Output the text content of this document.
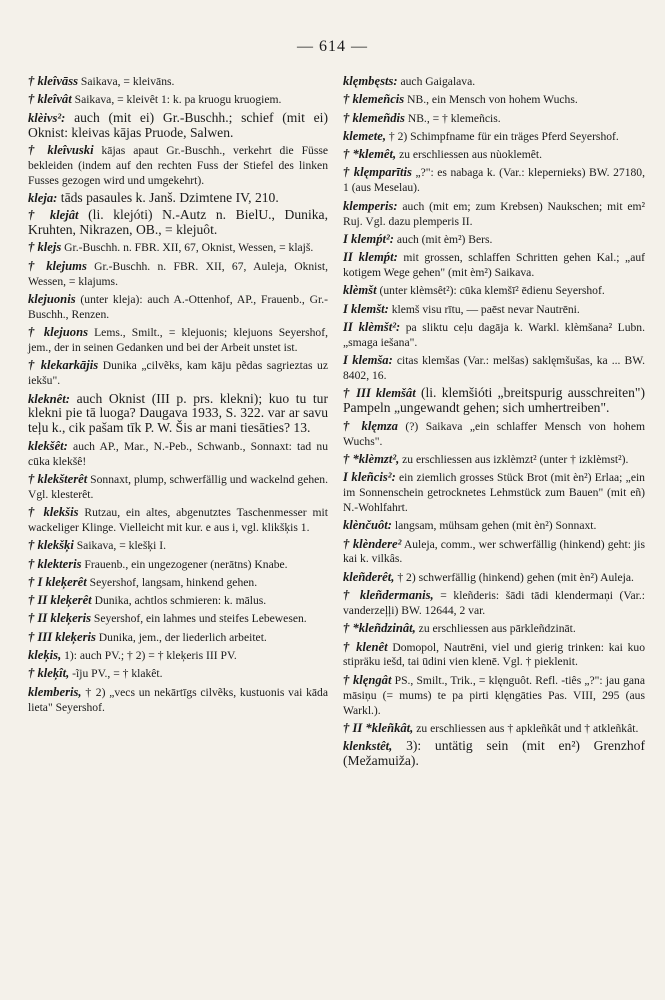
— 614 —
† kleîvāss Saikava, = kleivāns.
† kleîvât Saikava, = kleivêt 1: k. pa kruogu kruogiem.
klèivs²: auch (mit ei) Gr.-Buschh.; schief (mit ei) Oknist: kleivas kājas Pruode, Salwen.
† kleîvuski kājas apaut Gr.-Buschh., verkehrt die Füsse bekleiden (indem auf den rechten Fuss der Stiefel des linken Fusses gezogen wird und umgekehrt).
kleja: tāds pasaules k. Janš. Dzimtene IV, 210.
† klejât (li. klejóti) N.-Autz n. BielU., Dunika, Kruhten, Nikrazen, OB., = klejuôt.
† klejs Gr.-Buschh. n. FBR. XII, 67, Oknist, Wessen, = klajš.
† klejums Gr.-Buschh. n. FBR. XII, 67, Auleja, Oknist, Wessen, = klajums.
klejuonis (unter kleja): auch A.-Ottenhof, AP., Frauenb., Gr.-Buschh., Renzen.
† klejuons Lems., Smilt., = klejuonis; klejuons Seyershof, jem., der in seinen Gedanken und bei der Arbeit unstet ist.
† klekarkājis Dunika „cilvẽks, kam kāju pẽdas sagrieztas uz iekšu".
kleknêt: auch Oknist (III p. prs. klekni); kuo tu tur klekni pie tā luoga? Daugava 1933, S. 322. var ar savu teļu k., cik pašam tīk P. W. Šis ar mani tiesāties? 13.
klekšêt: auch AP., Mar., N.-Peb., Schwanb., Sonnaxt: tad nu cūka klekšê!
† klekšterêt Sonnaxt, plump, schwerfällig und wackelnd gehen. Vgl. klesterêt.
† klekšis Rutzau, ein altes, abgenutztes Taschenmesser mit wackeliger Klinge. Vielleicht mit kur. e aus i, vgl. klikšķis 1.
† klekšķi Saikava, = klešķi I.
† klekteris Frauenb., ein ungezogener (nerātns) Knabe.
† I kleķerêt Seyershof, langsam, hinkend gehen.
† II kleķerêt Dunika, achtlos schmieren: k. mālus.
† II kleķeris Seyershof, ein lahmes und steifes Lebewesen.
† III kleķeris Dunika, jem., der liederlich arbeitet.
kleķis, 1): auch PV.; † 2) = † kleķeris III PV.
† kleķît, -ĩju PV., = † klakêt.
klemberis, † 2) „vecs un nekārtīgs cilvẽks, kustuonis vai kāda lieta" Seyershof.
klęmbęsts: auch Gaigalava.
† klemeñcis NB., ein Mensch von hohem Wuchs.
† klemeñdis NB., = † klemeñcis.
klemete, † 2) Schimpfname für ein träges Pferd Seyershof.
† *klemêt, zu erschliessen aus nùoklemêt.
† klęmparītis „?": es nabaga k. (Var.: klepernieks) BW. 27180, 1 (aus Meselau).
klemperis: auch (mit em; zum Krebsen) Naukschen; mit em² Ruj. Vgl. dazu plemperis II.
I klemṕt²: auch (mit èm²) Bers.
II klemṕt: mit grossen, schlaffen Schritten gehen Kal.; „auf kotigem Wege gehen" (mit èm²) Saikava.
klèmšt (unter klèmsêt²): cūka klemšī² ēdienu Seyershof.
I klemšt: klemš visu rītu, — paēst nevar Nautrēni.
II klèmšt²: pa sliktu ceļu dagāja k. Warkl. klèmšana² Lubn. „smaga iešana".
I klemša: citas klemšas (Var.: melšas) saklęmšušas, ka ... BW. 8402, 16.
† III klemšât (li. klemšióti „breitspurig ausschreiten") Pampeln „ungewandt gehen; sich umhertreiben".
† klęmza (?) Saikava „ein schlaffer Mensch von hohem Wuchs".
† *klèmzt², zu erschliessen aus izklèmzt² (unter † izklèmst²).
I kleñcis²: ein ziemlich grosses Stück Brot (mit èn²) Erlaa; „ein im Sonnenschein getrocknetes Lehmstück zum Bauen" (mit eñ) N.-Wohlfahrt.
klènčuôt: langsam, mühsam gehen (mit èn²) Sonnaxt.
† klèndere² Auleja, comm., wer schwerfällig (hinkend) geht: jis kai k. vilkâs.
kleñderêt, † 2) schwerfällig (hinkend) gehen (mit èn²) Auleja.
† kleñdermanis, = kleñderis: šādi tādi klendermaņi (Var.: vanderzeļļi) BW. 12644, 2 var.
† *kleñdzinât, zu erschliessen aus pārkleñdzināt.
† klenêt Domopol, Nautrēni, viel und gierig trinken: kai kuo stipräku iešd, tai ūdini vien klenē. Vgl. † pieklenit.
† klęngât PS., Smilt., Trik., = klęnguôt. Refl. -tiês „?": jau gana māsiņu (= mums) te pa pirti klęngāties Pas. VIII, 295 (aus Warkl.).
† II *kleñkât, zu erschliessen aus † apkleñkât und † atkleñkât.
klenkstêt, 3): untätig sein (mit en²) Grenzhof (Mežamuiža).
